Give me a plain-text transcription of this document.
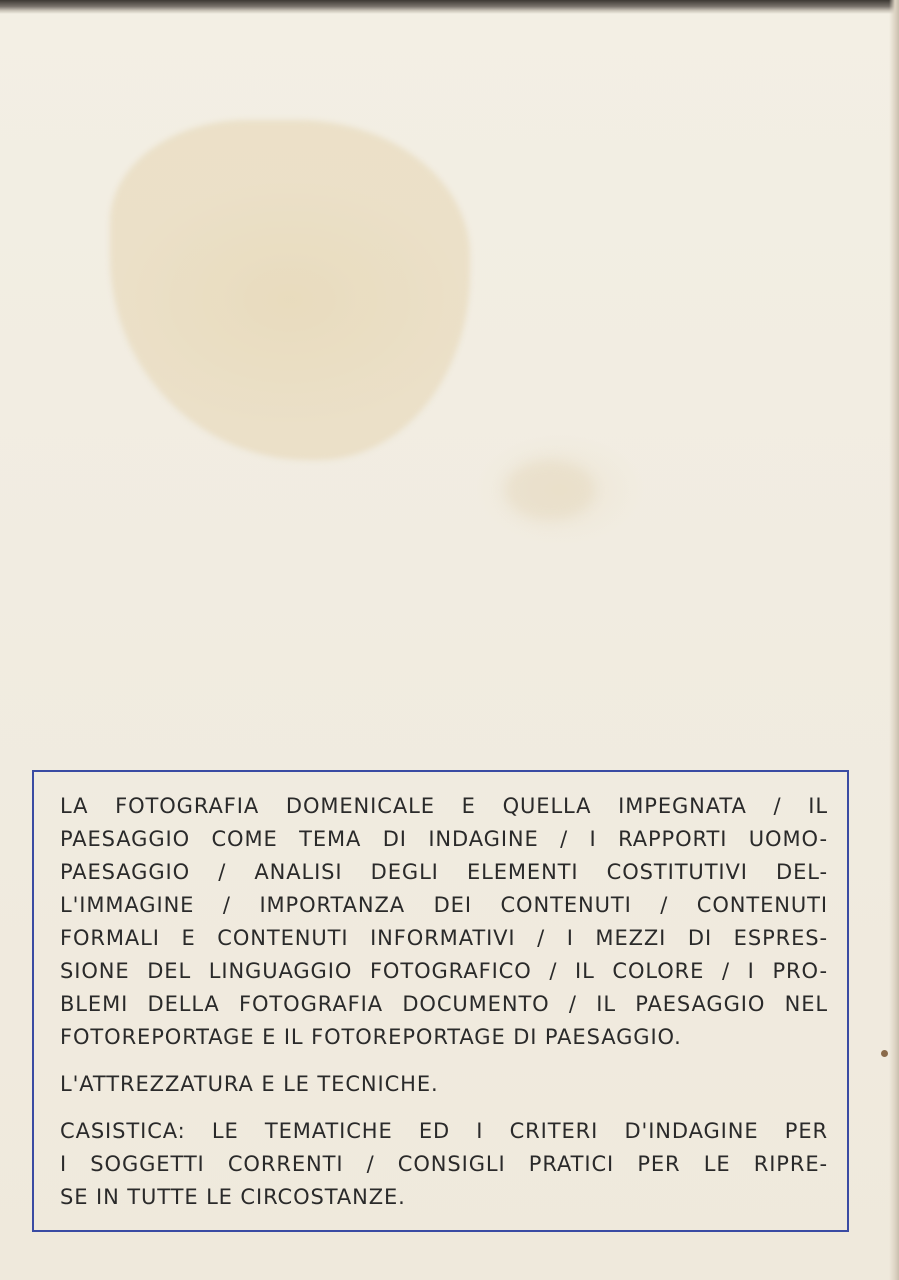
LA FOTOGRAFIA DOMENICALE E QUELLA IMPEGNATA / IL
PAESAGGIO COME TEMA DI INDAGINE / I RAPPORTI UOMO-
PAESAGGIO / ANALISI DEGLI ELEMENTI COSTITUTIVI DEL-
L'IMMAGINE / IMPORTANZA DEI CONTENUTI / CONTENUTI
FORMALI E CONTENUTI INFORMATIVI / I MEZZI DI ESPRES-
SIONE DEL LINGUAGGIO FOTOGRAFICO / IL COLORE / I PRO-
BLEMI DELLA FOTOGRAFIA DOCUMENTO / IL PAESAGGIO NEL
FOTOREPORTAGE E IL FOTOREPORTAGE DI PAESAGGIO.
L'ATTREZZATURA E LE TECNICHE.
CASISTICA: LE TEMATICHE ED I CRITERI D'INDAGINE PER
I SOGGETTI CORRENTI / CONSIGLI PRATICI PER LE RIPRE-
SE IN TUTTE LE CIRCOSTANZE.
